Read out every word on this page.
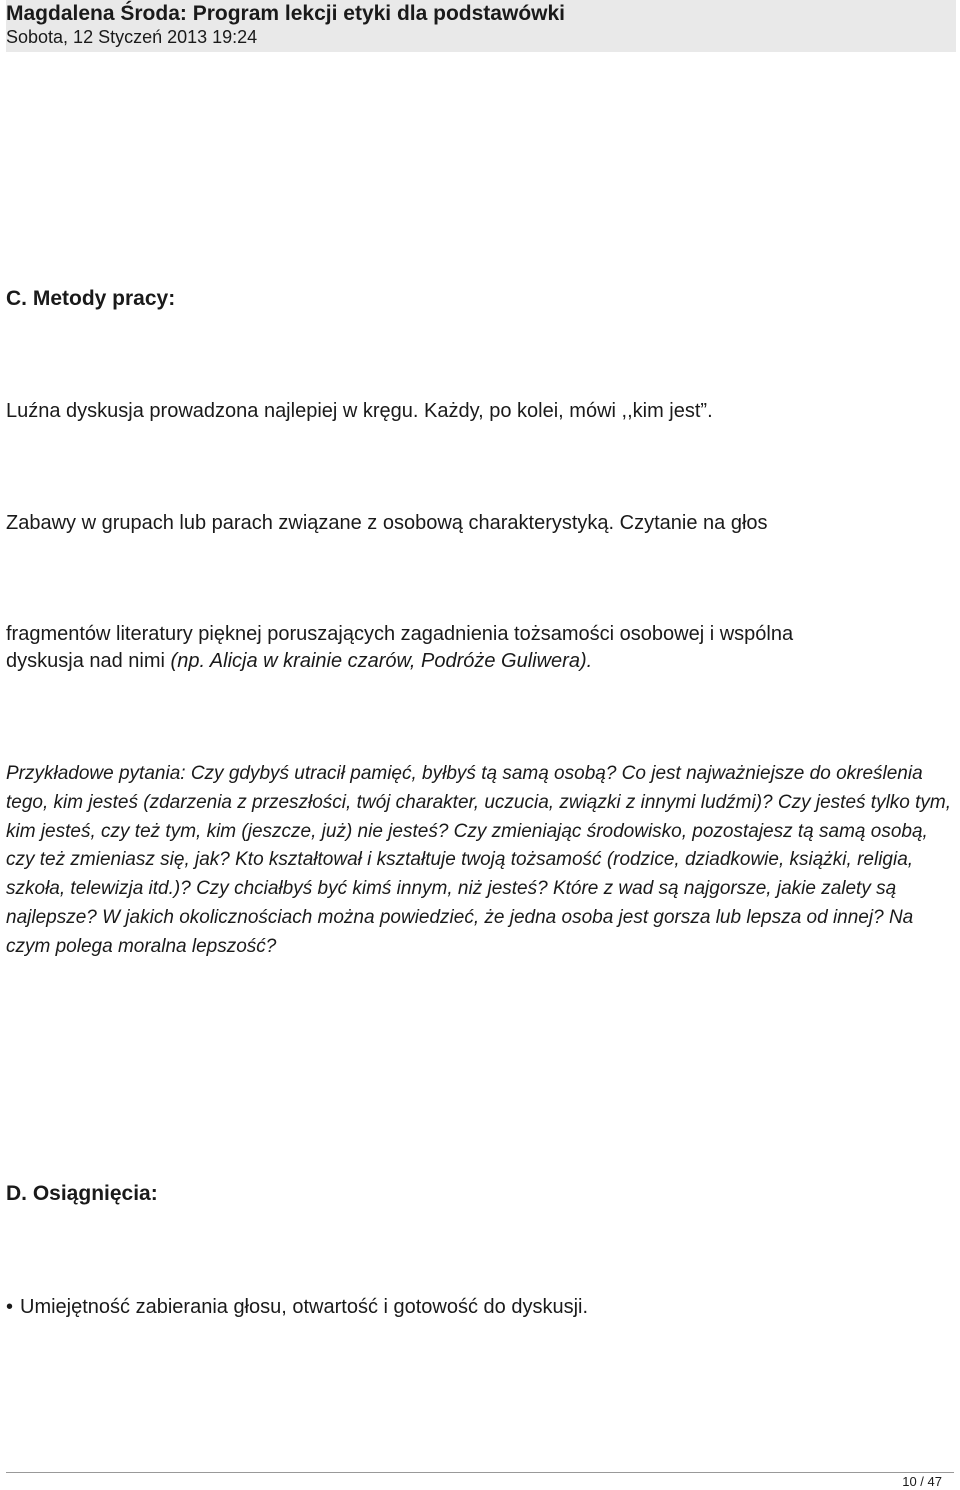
Magdalena Środa: Program lekcji etyki dla podstawówki
Sobota, 12 Styczeń 2013 19:24
C. Metody pracy:
Luźna dyskusja prowadzona najlepiej w kręgu. Każdy, po kolei, mówi ,,kim jest”.
Zabawy w grupach lub parach związane z osobową charakterystyką. Czytanie na głos
fragmentów literatury pięknej poruszających zagadnienia tożsamości osobowej i wspólna
dyskusja nad nimi (np. Alicja w krainie czarów, Podróże Guliwera).

Przykładowe pytania: Czy gdybyś utracił pamięć, byłbyś tą samą osobą? Co jest najważniejsze do określenia tego, kim jesteś (zdarzenia z przeszłości, twój charakter, uczucia, związki z innymi ludźmi)? Czy jesteś tylko tym, kim jesteś, czy też tym, kim (jeszcze, już) nie jesteś? Czy zmieniając środowisko, pozostajesz tą samą osobą, czy też zmieniasz się, jak? Kto kształtował i kształtuje twoją tożsamość (rodzice, dziadkowie, książki, religia, szkoła, telewizja itd.)? Czy chciałbyś być kimś innym, niż jesteś? Które z wad są najgorsze, jakie zalety są najlepsze? W jakich okolicznościach można powiedzieć, że jedna osoba jest gorsza lub lepsza od innej? Na czym polega moralna lepszość?

D. Osiągnięcia:
• Umiejętność zabierania głosu, otwartość i gotowość do dyskusji.
10 / 47
